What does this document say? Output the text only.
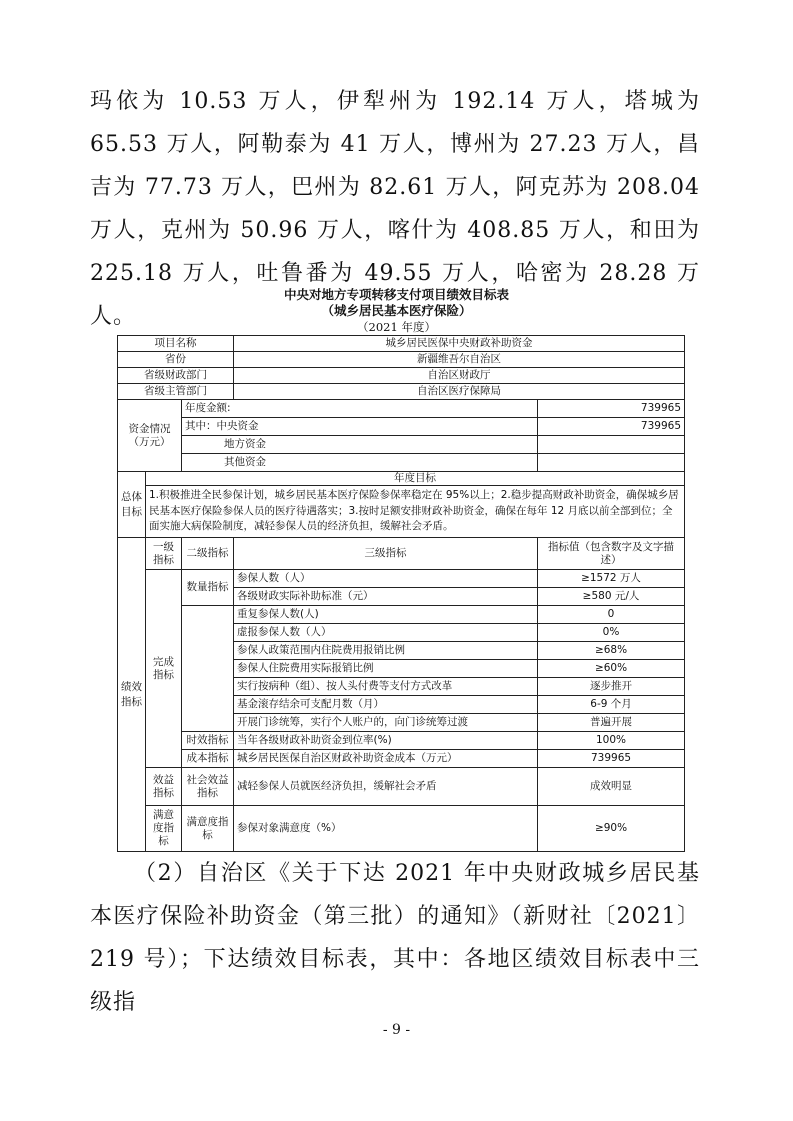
玛依为 10.53 万人，伊犁州为 192.14 万人，塔城为 65.53 万人，阿勒泰为 41 万人，博州为 27.23 万人，昌吉为 77.73 万人，巴州为 82.61 万人，阿克苏为 208.04 万人，克州为 50.96 万人，喀什为 408.85 万人，和田为 225.18 万人，吐鲁番为 49.55 万人，哈密为 28.28 万人。

中央对地方专项转移支付项目绩效目标表
（城乡居民基本医疗保险）
（2021 年度）
项目名称			城乡居民医保中央财政补助资金	
省份			新疆维吾尔自治区	
省级财政部门			自治区财政厅	
省级主管部门			自治区医疗保障局	
资金情况（万元）		年度金额:		739965
		其中：中央资金		739965
		地方资金		
		其他资金		
总体目标	年度目标			
	1.积极推进全民参保计划，城乡居民基本医疗保险参保率稳定在 95%以上；2.稳步提高财政补助资金，确保城乡居民基本医疗保险参保人员的医疗待遇落实；3.按时足额安排财政补助资金，确保在每年 12 月底以前全部到位；全面实施大病保险制度，减轻参保人员的经济负担，缓解社会矛盾。			
绩效指标	一级指标	二级指标	三级指标	指标值（包含数字及文字描述）
	完成指标	数量指标	参保人数（人）	≥1572 万人
			各级财政实际补助标准（元）	≥580 元/人
			重复参保人数(人)	0
			虚报参保人数（人）	0%
			参保人政策范围内住院费用报销比例	≥68%
			参保人住院费用实际报销比例	≥60%
			实行按病种（组）、按人头付费等支付方式改革	逐步推开
			基金滚存结余可支配月数（月）	6-9 个月
			开展门诊统筹，实行个人账户的，向门诊统筹过渡	普遍开展
		时效指标	当年各级财政补助资金到位率(%)	100%
		成本指标	城乡居民医保自治区财政补助资金成本（万元）	739965
	效益指标	社会效益指标	减轻参保人员就医经济负担，缓解社会矛盾	成效明显
	满意度指标	满意度指标	参保对象满意度（%）	≥90%

（2）自治区《关于下达 2021 年中央财政城乡居民基本医疗保险补助资金（第三批）的通知》（新财社〔2021〕219 号）；下达绩效目标表，其中：各地区绩效目标表中三级指

- 9 -
